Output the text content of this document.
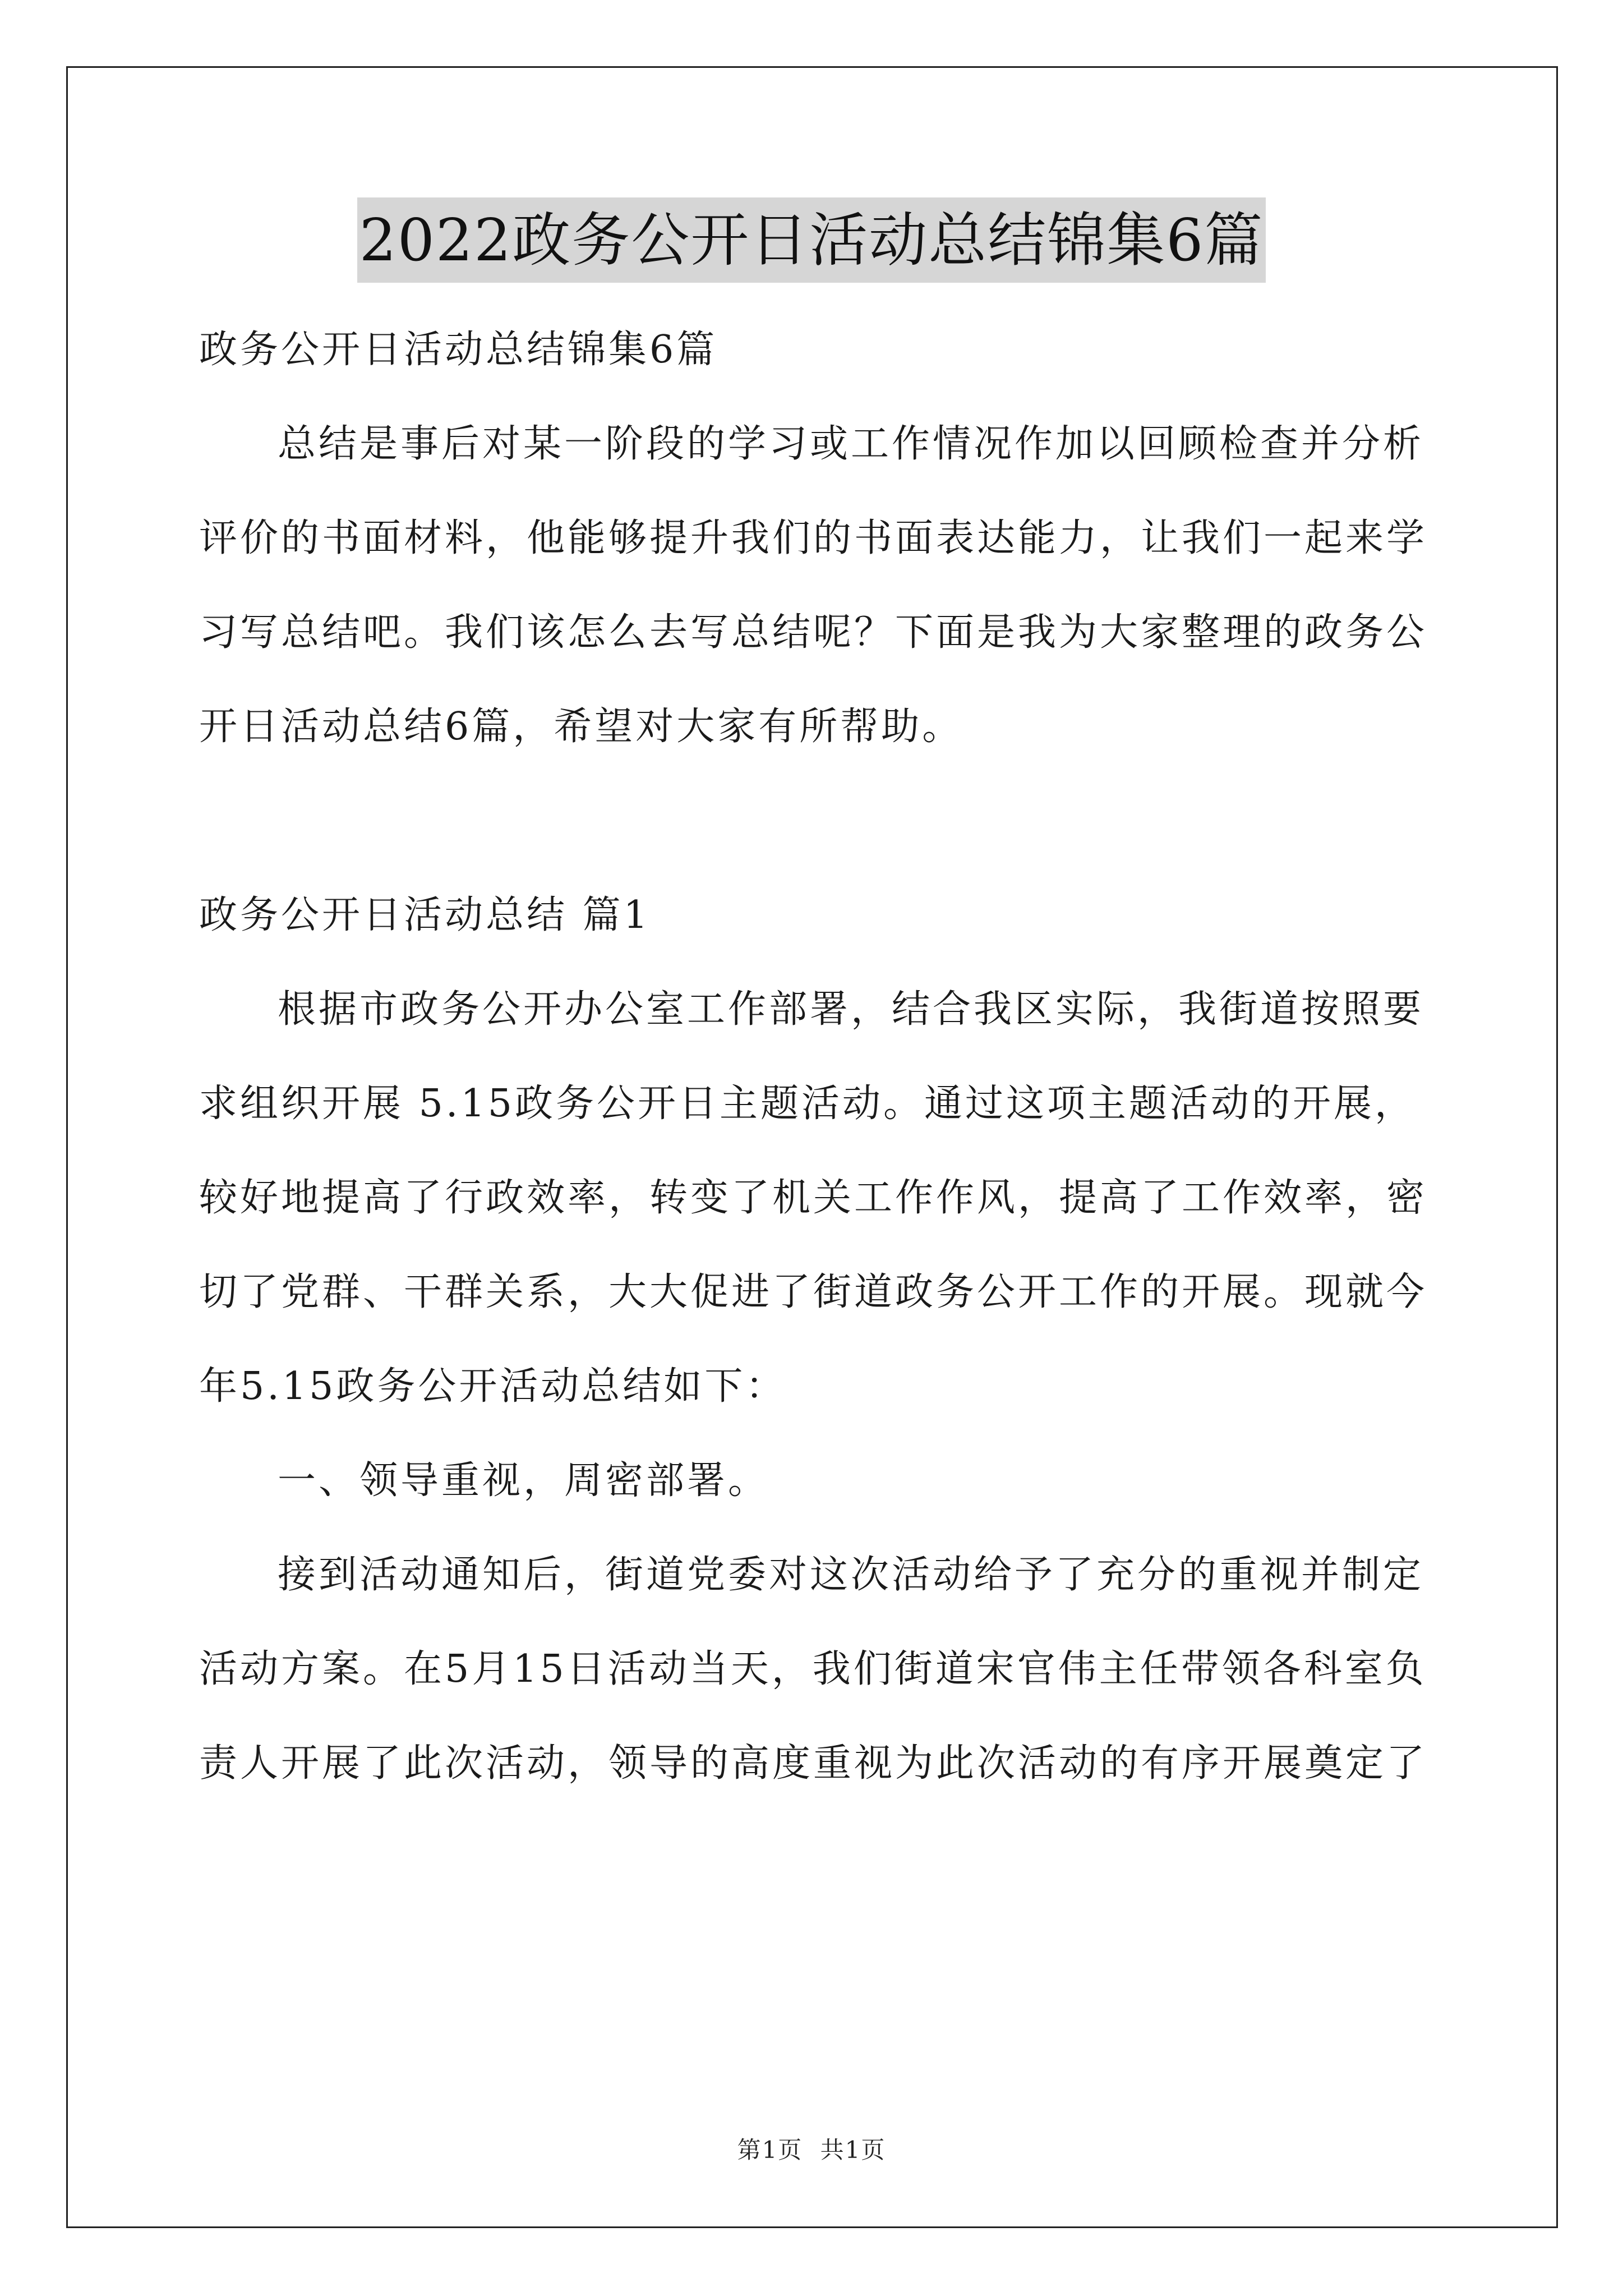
2022政务公开日活动总结锦集6篇

政务公开日活动总结锦集6篇

总结是事后对某一阶段的学习或工作情况作加以回顾检查并分析

评价的书面材料，他能够提升我们的书面表达能力，让我们一起来学

习写总结吧。我们该怎么去写总结呢？下面是我为大家整理的政务公

开日活动总结6篇，希望对大家有所帮助。

政务公开日活动总结 篇1

根据市政务公开办公室工作部署，结合我区实际，我街道按照要

求组织开展 5.15政务公开日主题活动。通过这项主题活动的开展，

较好地提高了行政效率，转变了机关工作作风，提高了工作效率，密

切了党群、干群关系，大大促进了街道政务公开工作的开展。现就今

年5.15政务公开活动总结如下：

一、领导重视，周密部署。

接到活动通知后，街道党委对这次活动给予了充分的重视并制定

活动方案。在5月15日活动当天，我们街道宋官伟主任带领各科室负

责人开展了此次活动，领导的高度重视为此次活动的有序开展奠定了

第1页 共1页
